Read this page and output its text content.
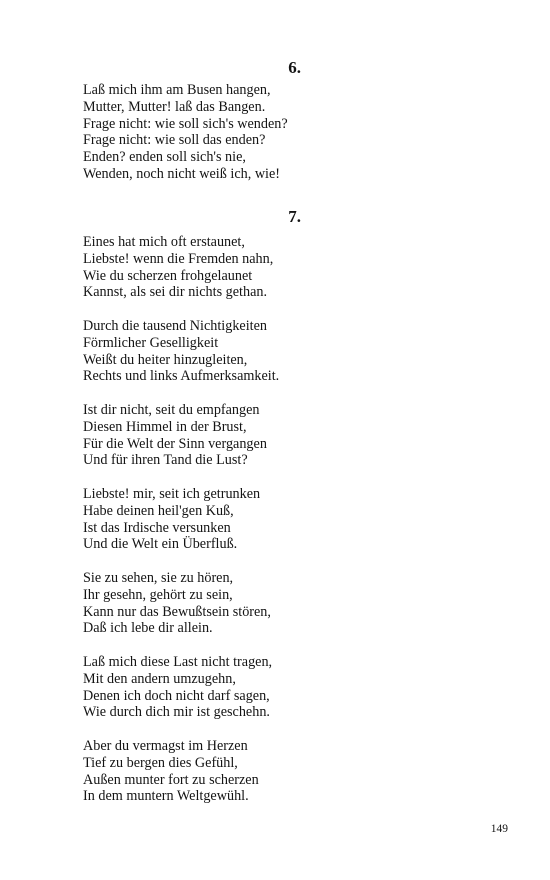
6.
Laß mich ihm am Busen hangen,
Mutter, Mutter! laß das Bangen.
Frage nicht: wie soll sich's wenden?
Frage nicht: wie soll das enden?
Enden? enden soll sich's nie,
Wenden, noch nicht weiß ich, wie!
7.
Eines hat mich oft erstaunet,
Liebste! wenn die Fremden nahn,
Wie du scherzen frohgelaunet
Kannst, als sei dir nichts gethan.
Durch die tausend Nichtigkeiten
Förmlicher Geselligkeit
Weißt du heiter hinzugleiten,
Rechts und links Aufmerksamkeit.
Ist dir nicht, seit du empfangen
Diesen Himmel in der Brust,
Für die Welt der Sinn vergangen
Und für ihren Tand die Lust?
Liebste! mir, seit ich getrunken
Habe deinen heil'gen Kuß,
Ist das Irdische versunken
Und die Welt ein Überfluß.
Sie zu sehen, sie zu hören,
Ihr gesehn, gehört zu sein,
Kann nur das Bewußtsein stören,
Daß ich lebe dir allein.
Laß mich diese Last nicht tragen,
Mit den andern umzugehn,
Denen ich doch nicht darf sagen,
Wie durch dich mir ist geschehn.
Aber du vermagst im Herzen
Tief zu bergen dies Gefühl,
Außen munter fort zu scherzen
In dem muntern Weltgewühl.
149
